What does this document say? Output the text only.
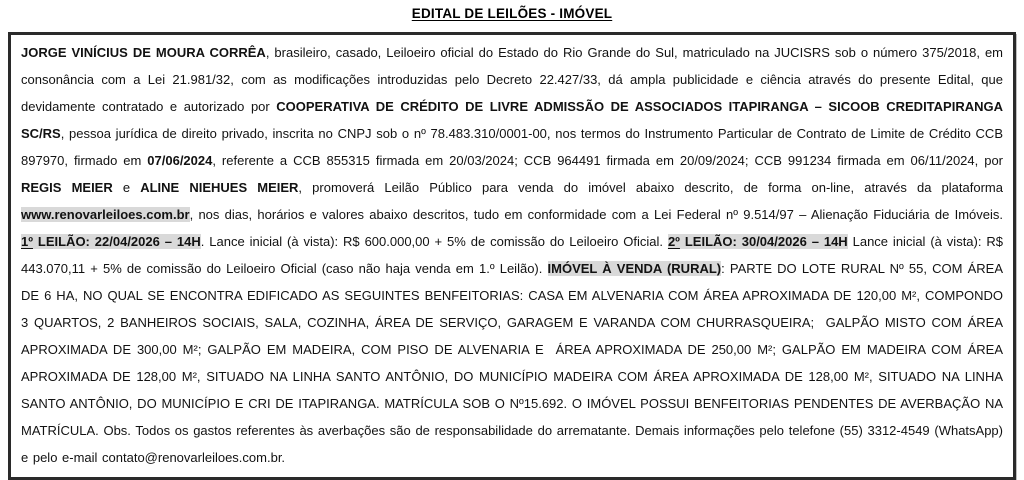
EDITAL DE LEILÕES - IMÓVEL

JORGE VINÍCIUS DE MOURA CORRÊA, brasileiro, casado, Leiloeiro oficial do Estado do Rio Grande do Sul, matriculado na JUCISRS sob o número 375/2018, em consonância com a Lei 21.981/32, com as modificações introduzidas pelo Decreto 22.427/33, dá ampla publicidade e ciência através do presente Edital, que devidamente contratado e autorizado por COOPERATIVA DE CRÉDITO DE LIVRE ADMISSÃO DE ASSOCIADOS ITAPIRANGA – SICOOB CREDITAPIRANGA SC/RS, pessoa jurídica de direito privado, inscrita no CNPJ sob o nº 78.483.310/0001-00, nos termos do Instrumento Particular de Contrato de Limite de Crédito CCB 897970, firmado em 07/06/2024, referente a CCB 855315 firmada em 20/03/2024; CCB 964491 firmada em 20/09/2024; CCB 991234 firmada em 06/11/2024, por REGIS MEIER e ALINE NIEHUES MEIER, promoverá Leilão Público para venda do imóvel abaixo descrito, de forma on-line, através da plataforma www.renovarleiloes.com.br, nos dias, horários e valores abaixo descritos, tudo em conformidade com a Lei Federal nº 9.514/97 – Alienação Fiduciária de Imóveis. 1º LEILÃO: 22/04/2026 – 14H. Lance inicial (à vista): R$ 600.000,00 + 5% de comissão do Leiloeiro Oficial. 2º LEILÃO: 30/04/2026 – 14H Lance inicial (à vista): R$ 443.070,11 + 5% de comissão do Leiloeiro Oficial (caso não haja venda em 1.º Leilão). IMÓVEL À VENDA (RURAL): PARTE DO LOTE RURAL Nº 55, COM ÁREA DE 6 HA, NO QUAL SE ENCONTRA EDIFICADO AS SEGUINTES BENFEITORIAS: CASA EM ALVENARIA COM ÁREA APROXIMADA DE 120,00 M², COMPONDO 3 QUARTOS, 2 BANHEIROS SOCIAIS, SALA, COZINHA, ÁREA DE SERVIÇO, GARAGEM E VARANDA COM CHURRASQUEIRA;  GALPÃO MISTO COM ÁREA APROXIMADA DE 300,00 M²; GALPÃO EM MADEIRA, COM PISO DE ALVENARIA E  ÁREA APROXIMADA DE 250,00 M²; GALPÃO EM MADEIRA COM ÁREA APROXIMADA DE 128,00 M², SITUADO NA LINHA SANTO ANTÔNIO, DO MUNICÍPIO MADEIRA COM ÁREA APROXIMADA DE 128,00 M², SITUADO NA LINHA SANTO ANTÔNIO, DO MUNICÍPIO E CRI DE ITAPIRANGA. MATRÍCULA SOB O Nº15.692. O IMÓVEL POSSUI BENFEITORIAS PENDENTES DE AVERBAÇÃO NA MATRÍCULA. Obs. Todos os gastos referentes às averbações são de responsabilidade do arrematante. Demais informações pelo telefone (55) 3312-4549 (WhatsApp) e pelo e-mail contato@renovarleiloes.com.br.
